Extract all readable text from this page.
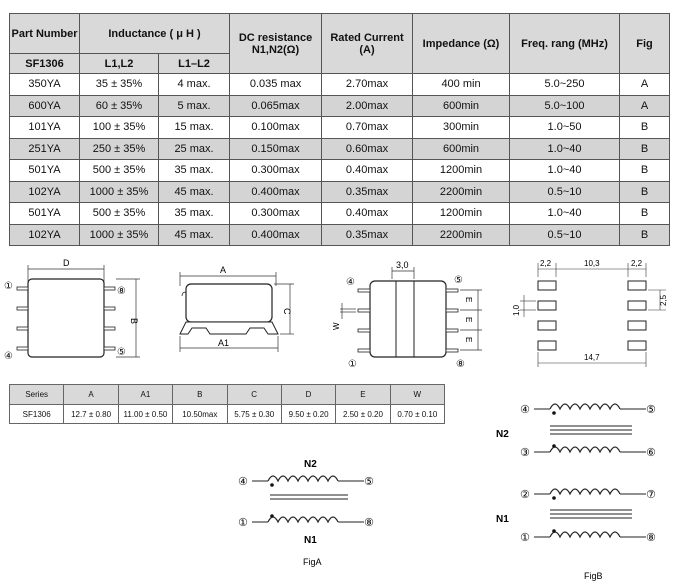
Part Number	Inductance ( μ H )		DC resistance N1,N2(Ω)	Rated Current (A)	Impedance (Ω)	Freq. rang (MHz)	Fig
SF1306	L1,L2	L1–L2					
350YA	35 ± 35%	4 max.	0.035 max	2.70max	400 min	5.0~250	A
600YA	60 ± 35%	5 max.	0.065max	2.00max	600min	5.0~100	A
101YA	100 ± 35%	15 max.	0.100max	0.70max	300min	1.0~50	B
251YA	250 ± 35%	25 max.	0.150max	0.60max	600min	1.0~40	B
501YA	500 ± 35%	35 max.	0.300max	0.40max	1200min	1.0~40	B
102YA	1000 ± 35%	45 max.	0.400max	0.35max	2200min	0.5~10	B
501YA	500 ± 35%	35 max.	0.300max	0.40max	1200min	1.0~40	B
102YA	1000 ± 35%	45 max.	0.400max	0.35max	2200min	0.5~10	B
D
①
④
⑧
⑤
B
A
C
A1
3,0
④
①
⑤
⑧
W
E
E
E
2,2	10,3	2,2
1,0
2,5
14,7
Series	A	A1	B	C	D	E	W
SF1306	12.7 ± 0.80	11.00 ± 0.50	10.50max	5.75 ± 0.30	9.50 ± 0.20	2.50 ± 0.20	0.70 ± 0.10
N2
④	⑤
①	⑧
N1
FigA
④	⑤
N2
③	⑥
②	⑦
N1
①	⑧
FigB
